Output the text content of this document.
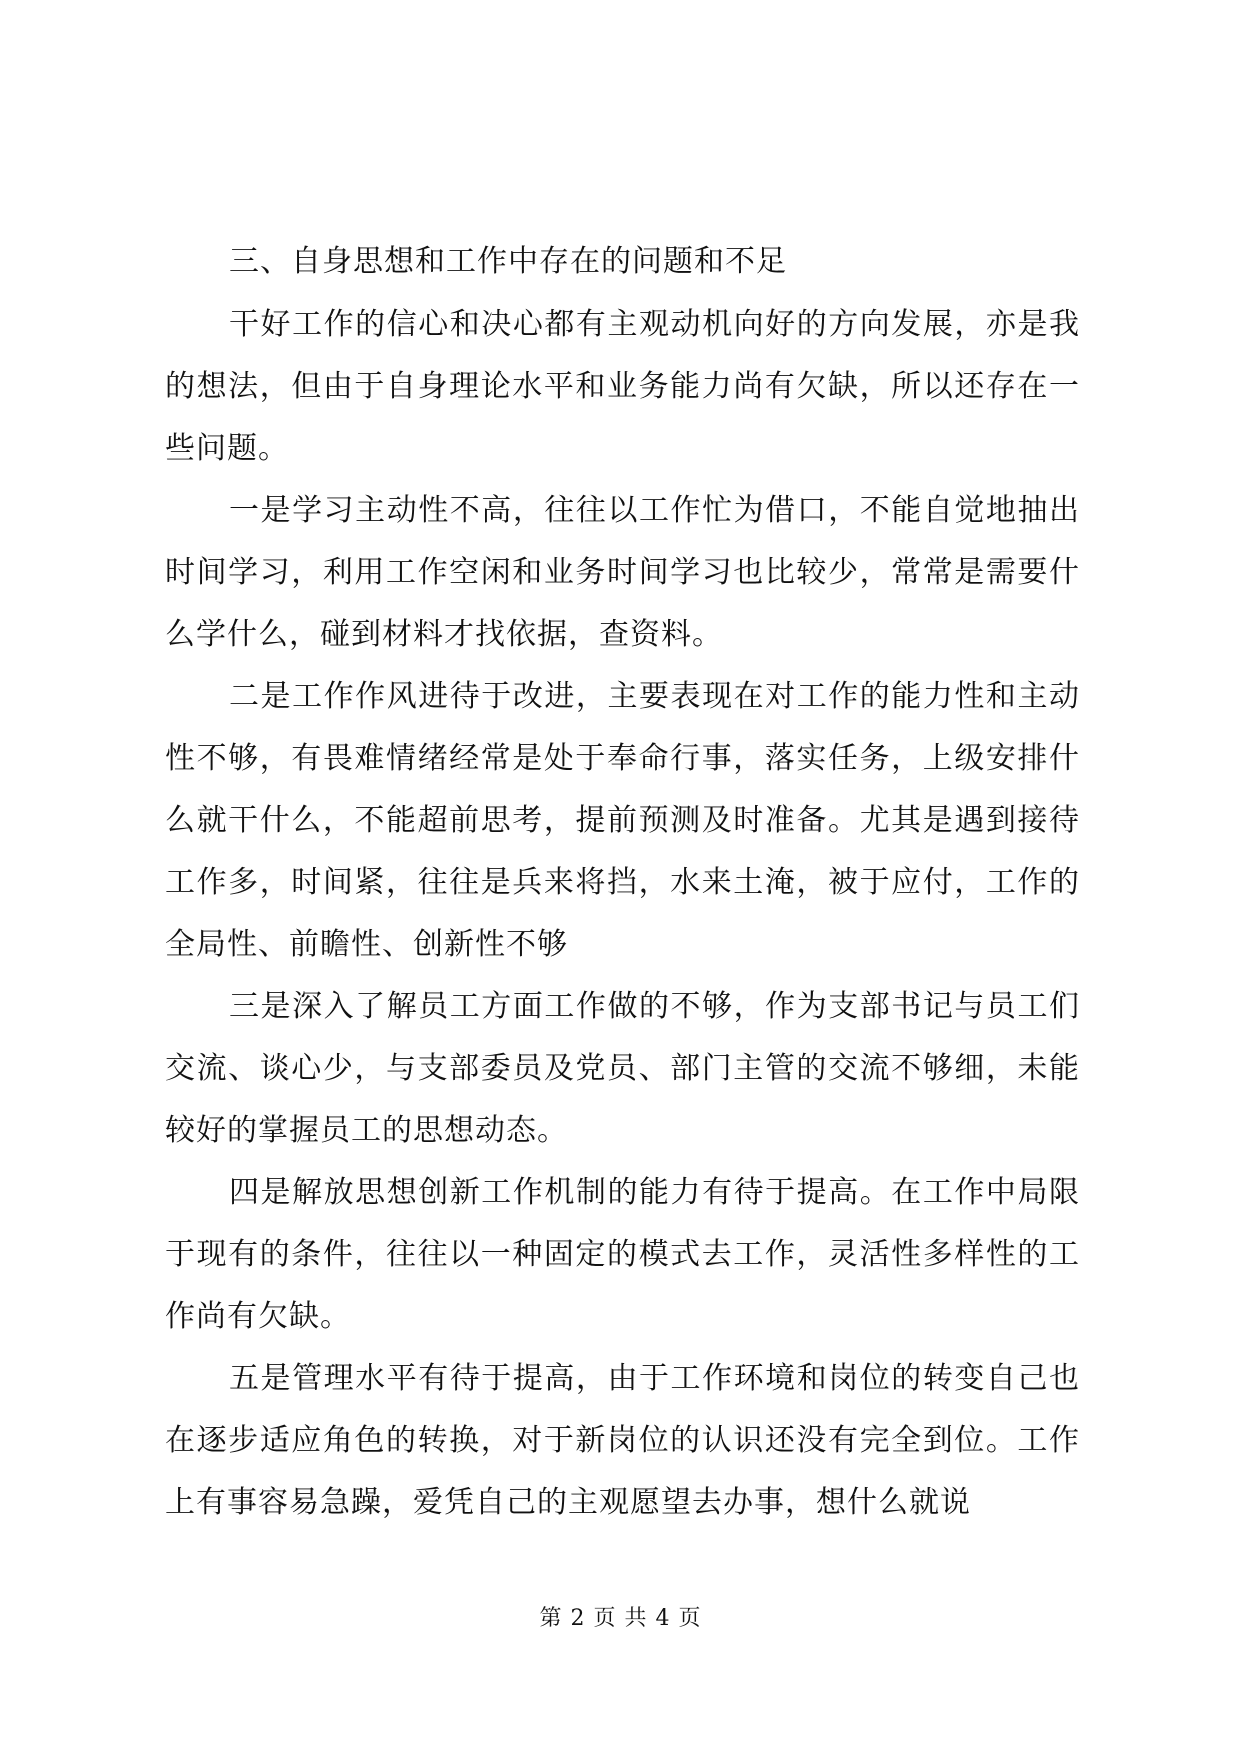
三、自身思想和工作中存在的问题和不足

干好工作的信心和决心都有主观动机向好的方向发展，亦是我的想法，但由于自身理论水平和业务能力尚有欠缺，所以还存在一些问题。

一是学习主动性不高，往往以工作忙为借口，不能自觉地抽出时间学习，利用工作空闲和业务时间学习也比较少，常常是需要什么学什么，碰到材料才找依据，查资料。

二是工作作风进待于改进，主要表现在对工作的能力性和主动性不够，有畏难情绪经常是处于奉命行事，落实任务，上级安排什么就干什么，不能超前思考，提前预测及时准备。尤其是遇到接待工作多，时间紧，往往是兵来将挡，水来土淹，被于应付，工作的全局性、前瞻性、创新性不够

三是深入了解员工方面工作做的不够，作为支部书记与员工们交流、谈心少，与支部委员及党员、部门主管的交流不够细，未能较好的掌握员工的思想动态。

四是解放思想创新工作机制的能力有待于提高。在工作中局限于现有的条件，往往以一种固定的模式去工作，灵活性多样性的工作尚有欠缺。

五是管理水平有待于提高，由于工作环境和岗位的转变自己也在逐步适应角色的转换，对于新岗位的认识还没有完全到位。工作上有事容易急躁，爱凭自己的主观愿望去办事，想什么就说

第 2 页 共 4 页
